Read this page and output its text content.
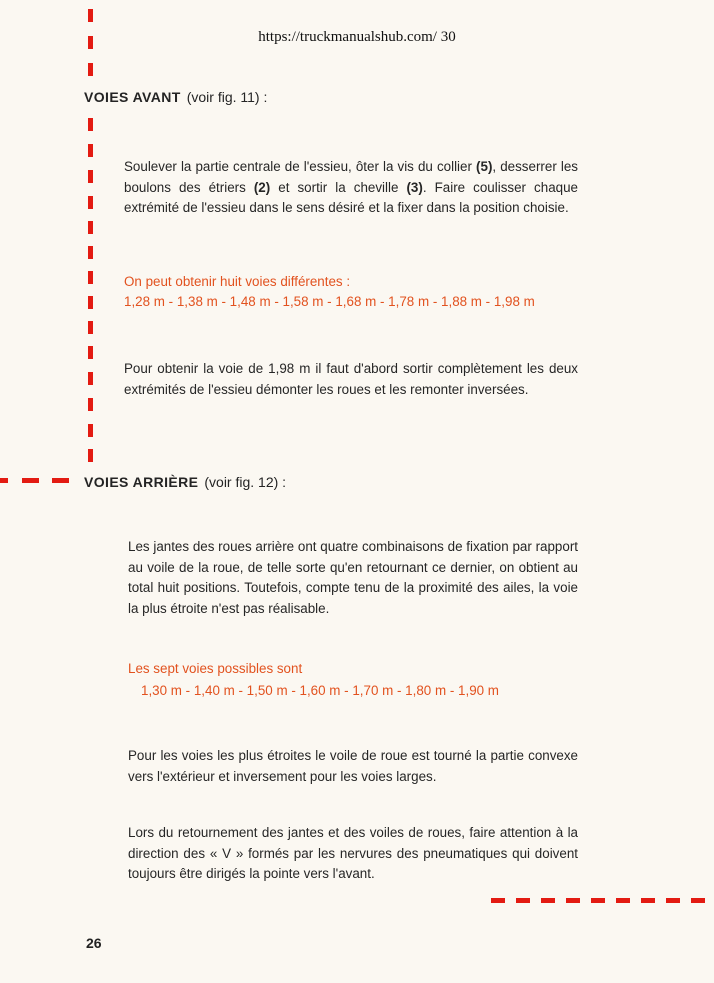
https://truckmanualshub.com/ 30
VOIES AVANT (voir fig. 11) :

Soulever la partie centrale de l'essieu, ôter la vis du collier (5), desserrer les boulons des étriers (2) et sortir la cheville (3). Faire coulisser chaque extrémité de l'essieu dans le sens désiré et la fixer dans la position choisie.

On peut obtenir huit voies différentes :
1,28 m - 1,38 m - 1,48 m - 1,58 m - 1,68 m - 1,78 m - 1,88 m - 1,98 m

Pour obtenir la voie de 1,98 m il faut d'abord sortir complètement les deux extrémités de l'essieu démonter les roues et les remonter inversées.

VOIES ARRIÈRE (voir fig. 12) :

Les jantes des roues arrière ont quatre combinaisons de fixation par rapport au voile de la roue, de telle sorte qu'en retournant ce dernier, on obtient au total huit positions. Toutefois, compte tenu de la proximité des ailes, la voie la plus étroite n'est pas réalisable.

Les sept voies possibles sont
1,30 m - 1,40 m - 1,50 m - 1,60 m - 1,70 m - 1,80 m - 1,90 m

Pour les voies les plus étroites le voile de roue est tourné la partie convexe vers l'extérieur et inversement pour les voies larges.

Lors du retournement des jantes et des voiles de roues, faire attention à la direction des « V » formés par les nervures des pneumatiques qui doivent toujours être dirigés la pointe vers l'avant.

26
